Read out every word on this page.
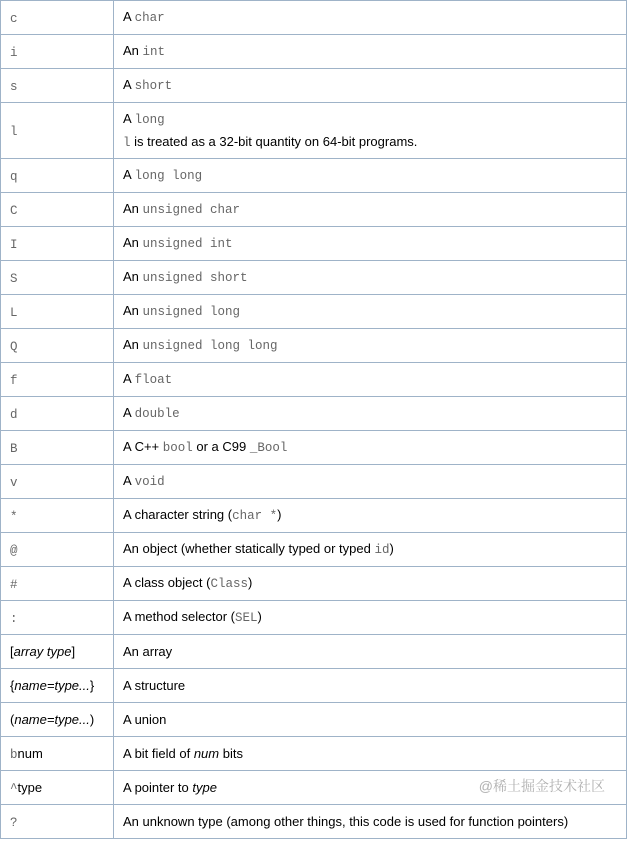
c	A char

i	An int

s	A short

l	A long
l is treated as a 32-bit quantity on 64-bit programs.

q	A long long

C	An unsigned char

I	An unsigned int

S	An unsigned short

L	An unsigned long

Q	An unsigned long long

f	A float

d	A double

B	A C++ bool or a C99 _Bool

v	A void

*	A character string (char *)

@	An object (whether statically typed or typed id)

#	A class object (Class)

:	A method selector (SEL)

[array type]	An array

{name=type...}	A structure

(name=type...)	A union

bnum	A bit field of num bits

^type	A pointer to type

?	An unknown type (among other things, this code is used for function pointers)
@稀土掘金技术社区
